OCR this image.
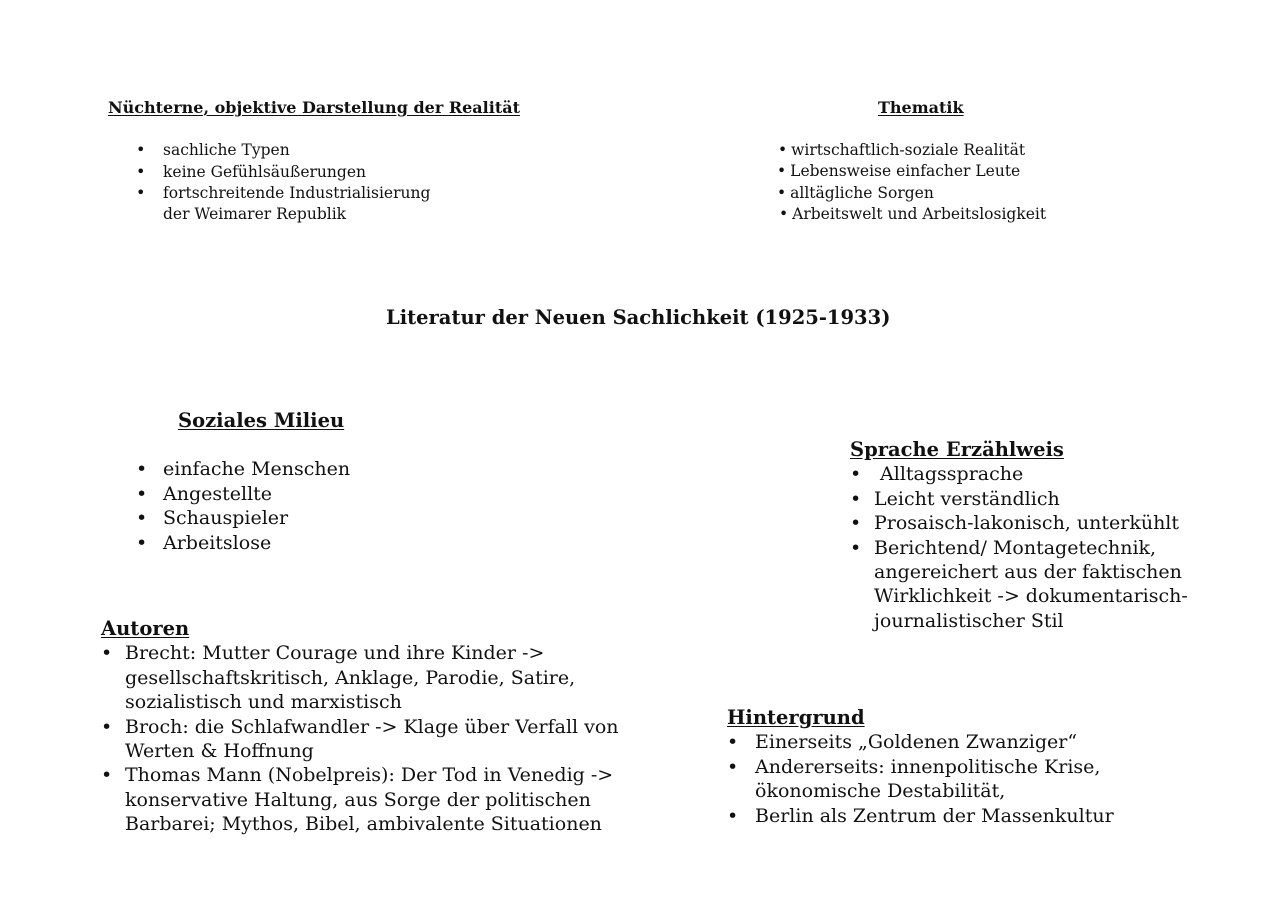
Nüchterne, objektive Darstellung der Realität
• sachliche Typen
• keine Gefühlsäußerungen
• fortschreitende Industrialisierung
der Weimarer Republik
Thematik
• wirtschaftlich-soziale Realität
• Lebensweise einfacher Leute
• alltägliche Sorgen
• Arbeitswelt und Arbeitslosigkeit
Literatur der Neuen Sachlichkeit (1925-1933)
Soziales Milieu
• einfache Menschen
• Angestellte
• Schauspieler
• Arbeitslose
Sprache Erzählweis
• Alltagssprache
• Leicht verständlich
• Prosaisch-lakonisch, unterkühlt
• Berichtend/ Montagetechnik,
angereichert aus der faktischen
Wirklichkeit -> dokumentarisch-
journalistischer Stil
Autoren
• Brecht: Mutter Courage und ihre Kinder ->
gesellschaftskritisch, Anklage, Parodie, Satire,
sozialistisch und marxistisch
• Broch: die Schlafwandler -> Klage über Verfall von
Werten & Hoffnung
• Thomas Mann (Nobelpreis): Der Tod in Venedig ->
konservative Haltung, aus Sorge der politischen
Barbarei; Mythos, Bibel, ambivalente Situationen
Hintergrund
• Einerseits „Goldenen Zwanziger“
• Andererseits: innenpolitische Krise,
ökonomische Destabilität,
• Berlin als Zentrum der Massenkultur
